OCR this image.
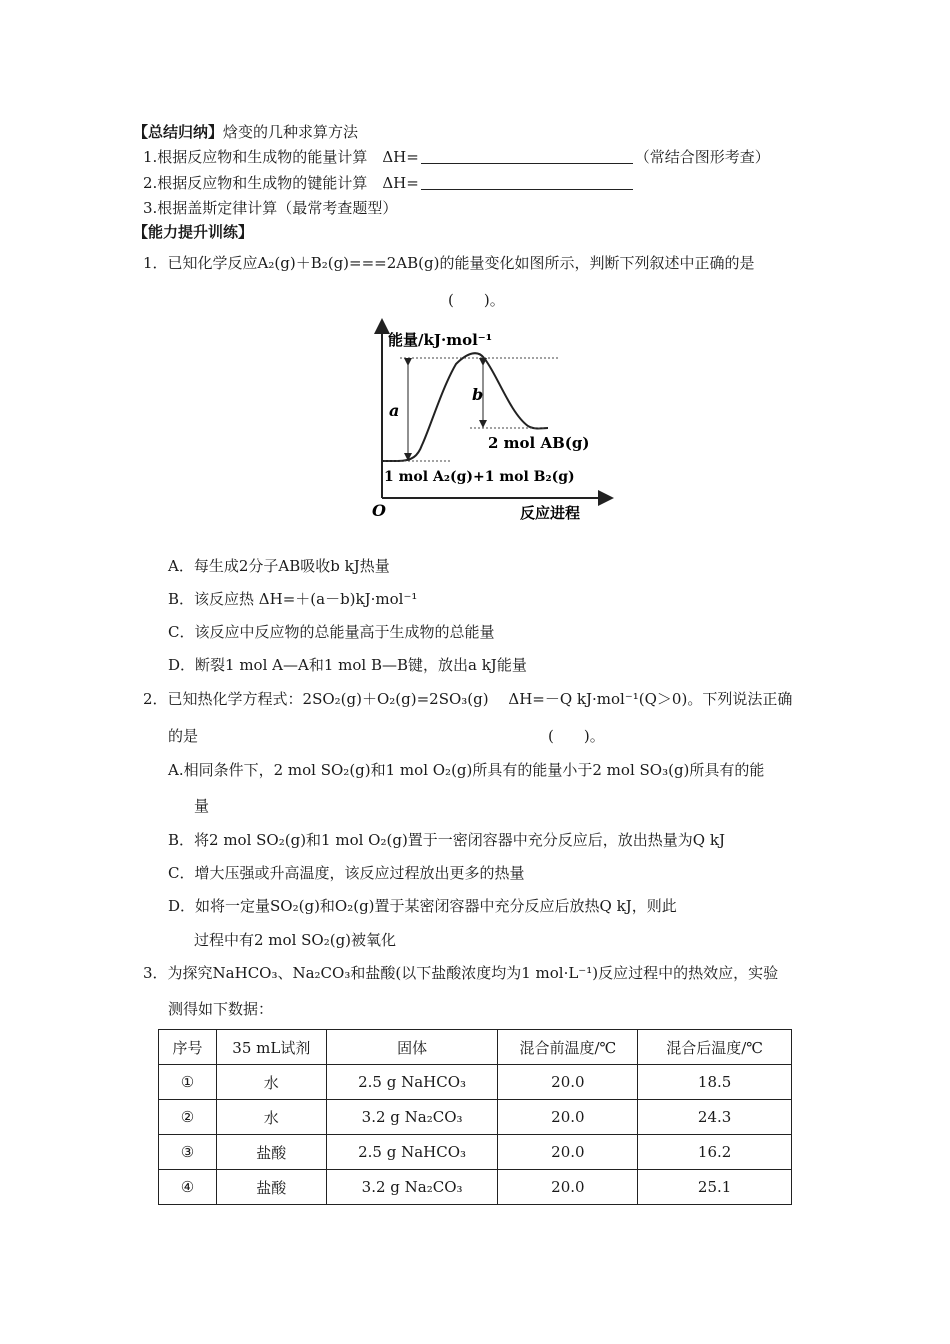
【总结归纳】焓变的几种求算方法
1.根据反应物和生成物的能量计算　ΔH=	（常结合图形考查）
2.根据反应物和生成物的键能计算　ΔH=
3.根据盖斯定律计算（最常考查题型）
【能力提升训练】
1．已知化学反应A₂(g)＋B₂(g)===2AB(g)的能量变化如图所示，判断下列叙述中正确的是
(　　)。
能量/kJ·mol⁻¹
a
b
2 mol AB(g)
1 mol A₂(g)+1 mol B₂(g)
O	反应进程
A．每生成2分子AB吸收b kJ热量
B．该反应热 ΔH=＋(a－b)kJ·mol⁻¹
C．该反应中反应物的总能量高于生成物的总能量
D．断裂1 mol A—A和1 mol B—B键，放出a kJ能量
2．已知热化学方程式：2SO₂(g)＋O₂(g)=2SO₃(g)　 ΔH=－Q kJ·mol⁻¹(Q＞0)。下列说法正确
的是	(　　)。
A.相同条件下，2 mol SO₂(g)和1 mol O₂(g)所具有的能量小于2 mol SO₃(g)所具有的能
量
B．将2 mol SO₂(g)和1 mol O₂(g)置于一密闭容器中充分反应后，放出热量为Q kJ
C．增大压强或升高温度，该反应过程放出更多的热量
D．如将一定量SO₂(g)和O₂(g)置于某密闭容器中充分反应后放热Q kJ，则此
过程中有2 mol SO₂(g)被氧化
3．为探究NaHCO₃、Na₂CO₃和盐酸(以下盐酸浓度均为1 mol·L⁻¹)反应过程中的热效应，实验
测得如下数据：
序号	35 mL试剂	固体	混合前温度/℃	混合后温度/℃
①	水	2.5 g NaHCO₃	20.0	18.5
②	水	3.2 g Na₂CO₃	20.0	24.3
③	盐酸	2.5 g NaHCO₃	20.0	16.2
④	盐酸	3.2 g Na₂CO₃	20.0	25.1
